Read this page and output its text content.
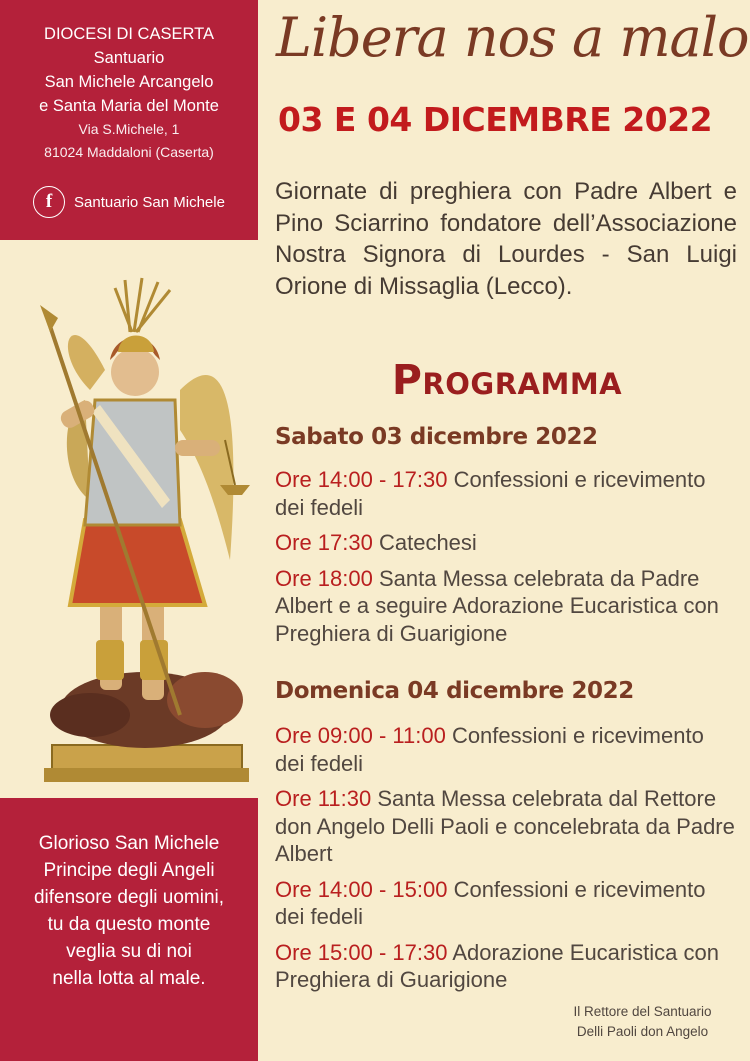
DIOCESI DI CASERTA
Santuario
San Michele Arcangelo
e Santa Maria del Monte
Via S.Michele, 1
81024 Maddaloni (Caserta)
f	Santuario San Michele
Libera nos a malo
03 E 04 DICEMBRE 2022
Giornate di preghiera con Padre Albert e Pino Sciarrino fondatore dell’Associazione Nostra Signora di Lourdes - San Luigi Orione di Missaglia (Lecco).
Programma
Sabato 03 dicembre 2022
Ore 14:00 - 17:30 Confessioni e ricevimento dei fedeli
Ore 17:30 Catechesi
Ore 18:00 Santa Messa celebrata da Padre Albert e a seguire Adorazione Eucaristica con Preghiera di Guarigione
Domenica 04 dicembre 2022
Ore 09:00 - 11:00 Confessioni e ricevimento dei fedeli
Ore 11:30 Santa Messa celebrata dal Rettore don Angelo Delli Paoli e concelebrata da Padre Albert
Ore 14:00 - 15:00 Confessioni e ricevimento dei fedeli
Ore 15:00 - 17:30 Adorazione Eucaristica con Preghiera di Guarigione
Glorioso San Michele
Principe degli Angeli
difensore degli uomini,
tu da questo monte
veglia su di noi
nella lotta al male.
Il Rettore del Santuario
Delli Paoli don Angelo
